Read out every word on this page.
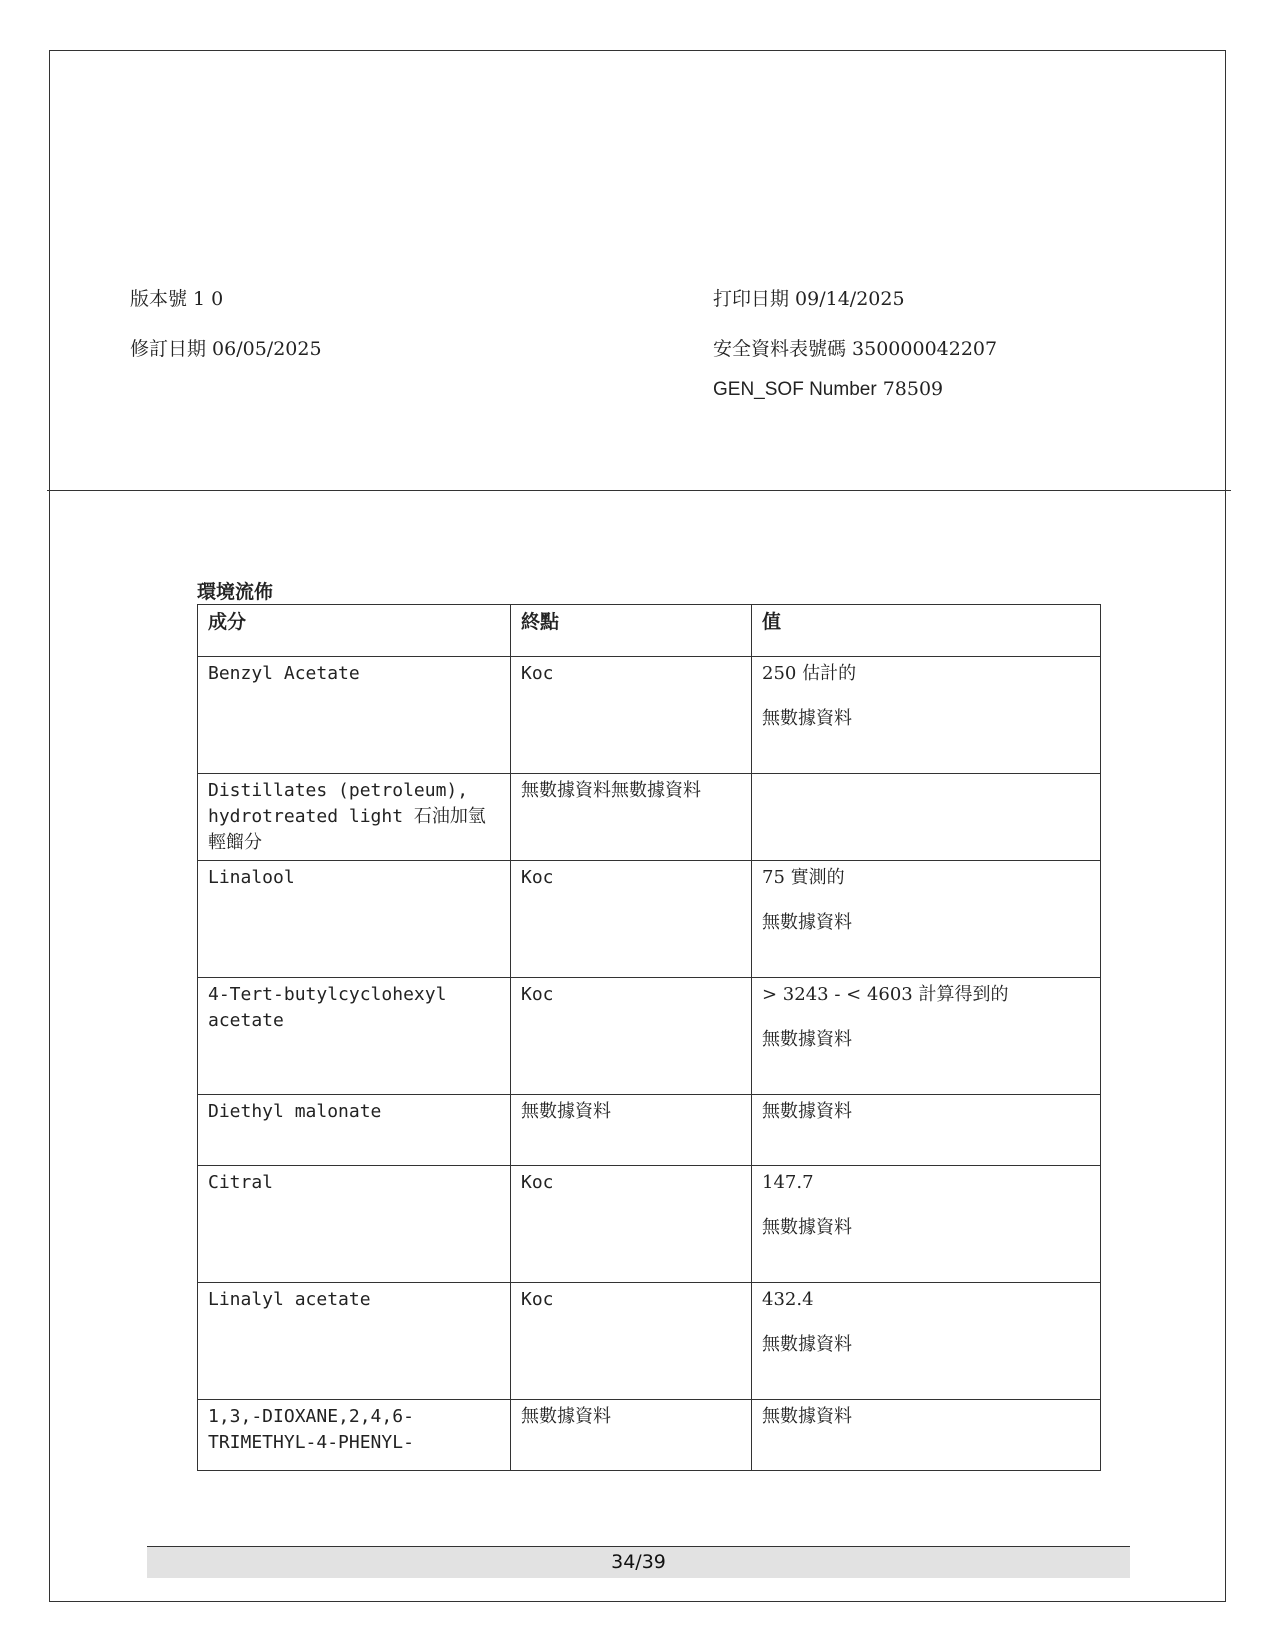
版本號 1 0
修訂日期 06/05/2025
打印日期 09/14/2025
安全資料表號碼 350000042207
GEN_SOF Number 78509
環境流佈
成分	終點	值

Benzyl Acetate	Koc	250 估計的
無數據資料

Distillates (petroleum), hydrotreated light 石油加氫輕餾分	無數據資料無數據資料	

Linalool	Koc	75 實測的
無數據資料

4-Tert-butylcyclohexyl acetate	Koc	> 3243 - < 4603 計算得到的
無數據資料

Diethyl malonate	無數據資料	無數據資料

Citral	Koc	147.7
無數據資料

Linalyl acetate	Koc	432.4
無數據資料

1,3,-DIOXANE,2,4,6-TRIMETHYL-4-PHENYL-	無數據資料	無數據資料
34/39
